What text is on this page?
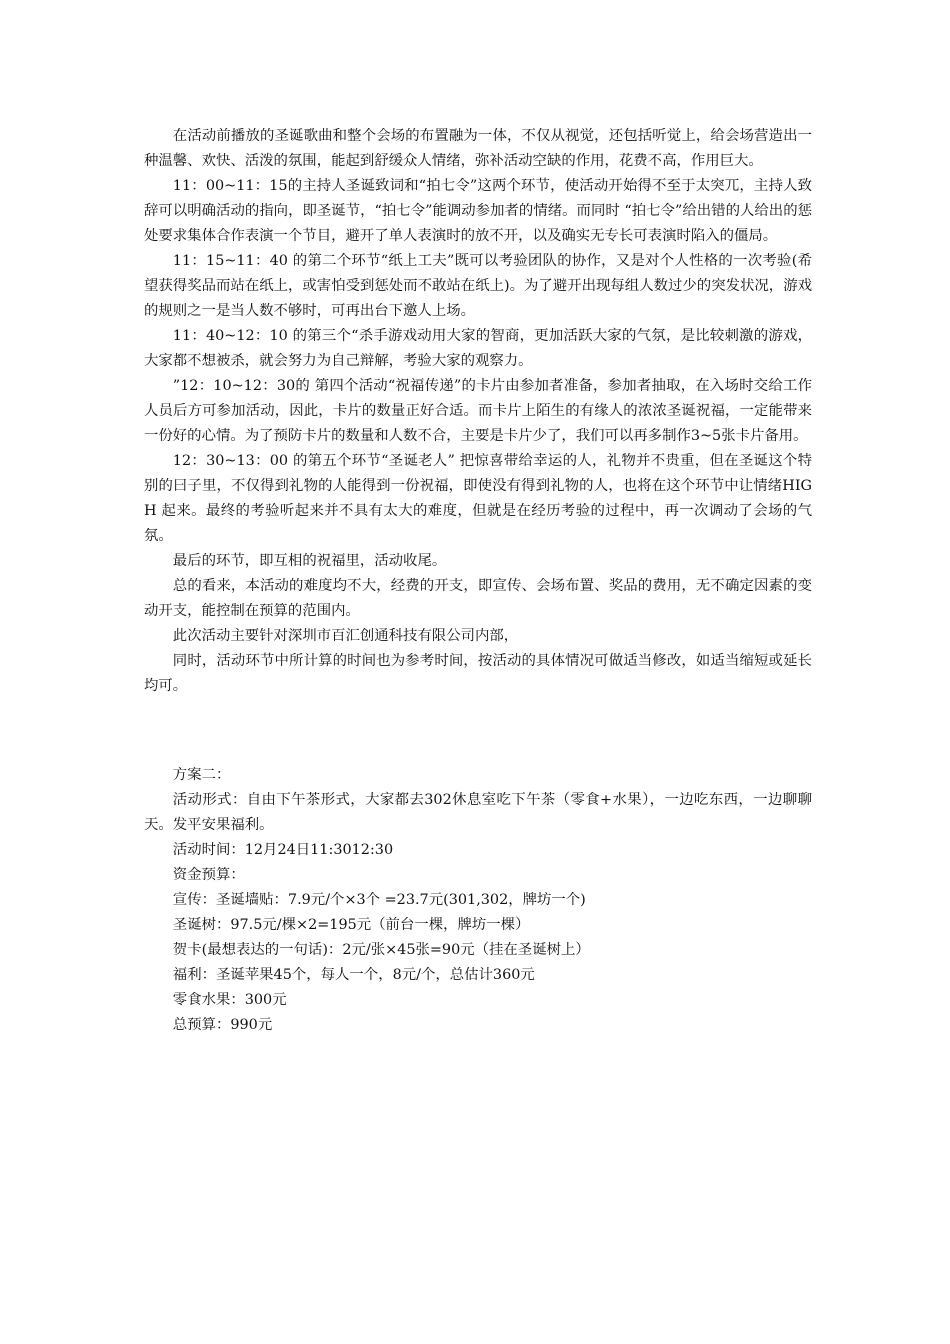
在活动前播放的圣诞歌曲和整个会场的布置融为一体，不仅从视觉，还包括听觉上，给会场营造出一种温馨、欢快、活泼的氛围，能起到舒缓众人情绪，弥补活动空缺的作用，花费不高，作用巨大。

11：00~11：15的主持人圣诞致词和“拍七令”这两个环节，使活动开始得不至于太突兀，主持人致辞可以明确活动的指向，即圣诞节，“拍七令”能调动参加者的情绪。而同时 “拍七令”给出错的人给出的惩处要求集体合作表演一个节目，避开了单人表演时的放不开，以及确实无专长可表演时陷入的僵局。

11：15~11：40 的第二个环节“纸上工夫”既可以考验团队的协作，又是对个人性格的一次考验(希望获得奖品而站在纸上，或害怕受到惩处而不敢站在纸上)。为了避开出现每组人数过少的突发状况，游戏的规则之一是当人数不够时，可再出台下邀人上场。

11：40~12：10 的第三个“杀手游戏动用大家的智商，更加活跃大家的气氛，是比较刺激的游戏，大家都不想被杀，就会努力为自己辩解，考验大家的观察力。

”12：10~12：30的 第四个活动“祝福传递”的卡片由参加者准备，参加者抽取，在入场时交给工作人员后方可参加活动，因此，卡片的数量正好合适。而卡片上陌生的有缘人的浓浓圣诞祝福，一定能带来一份好的心情。为了预防卡片的数量和人数不合，主要是卡片少了，我们可以再多制作3~5张卡片备用。

12：30~13：00 的第五个环节“圣诞老人” 把惊喜带给幸运的人，礼物并不贵重，但在圣诞这个特别的曰子里，不仅得到礼物的人能得到一份祝福，即使没有得到礼物的人，也将在这个环节中让情绪HIGH 起来。最终的考验听起来并不具有太大的难度，但就是在经历考验的过程中，再一次调动了会场的气氛。

最后的环节，即互相的祝福里，活动收尾。

总的看来，本活动的难度均不大，经费的开支，即宣传、会场布置、奖品的费用，无不确定因素的变动开支，能控制在预算的范围内。

此次活动主要针对深圳市百汇创通科技有限公司内部，

同时，活动环节中所计算的时间也为参考时间，按活动的具体情况可做适当修改，如适当缩短或延长均可。

方案二：

活动形式：自由下午茶形式，大家都去302休息室吃下午茶（零食+水果），一边吃东西，一边聊聊天。发平安果福利。

活动时间：12月24日11:3012:30

资金预算：

宣传：圣诞墙贴：7.9元/个×3个 =23.7元(301,302，牌坊一个)

圣诞树：97.5元/棵×2=195元（前台一棵，牌坊一棵）

贺卡(最想表达的一句话)：2元/张×45张=90元（挂在圣诞树上）

福利：圣诞苹果45个，每人一个，8元/个，总估计360元

零食水果：300元

总预算：990元
